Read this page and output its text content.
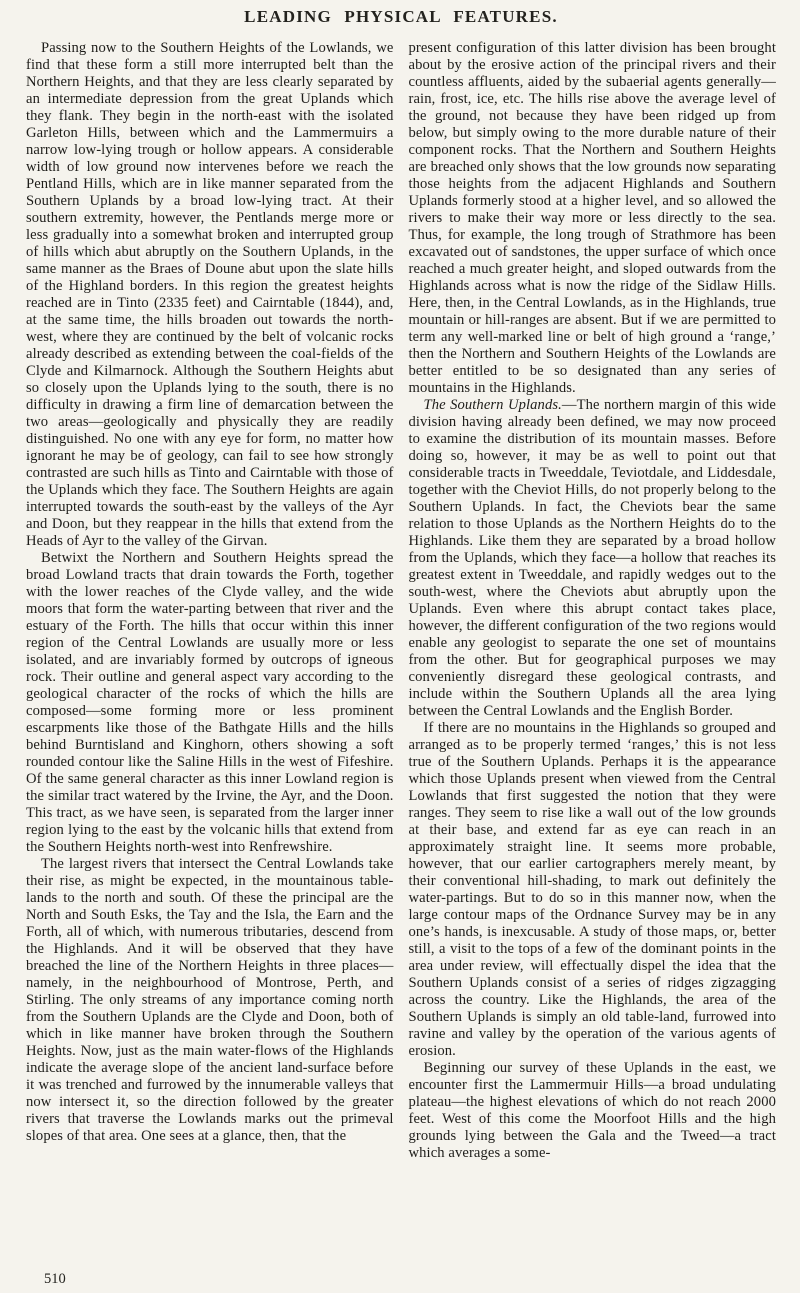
LEADING PHYSICAL FEATURES.

Passing now to the Southern Heights of the Lowlands, we find that these form a still more interrupted belt than the Northern Heights, and that they are less clearly separated by an intermediate depression from the great Uplands which they flank. They begin in the north-east with the isolated Garleton Hills, between which and the Lammermuirs a narrow low-lying trough or hollow appears. A considerable width of low ground now intervenes before we reach the Pentland Hills, which are in like manner separated from the Southern Uplands by a broad low-lying tract. At their southern extremity, however, the Pentlands merge more or less gradually into a somewhat broken and interrupted group of hills which abut abruptly on the Southern Uplands, in the same manner as the Braes of Doune abut upon the slate hills of the Highland borders. In this region the greatest heights reached are in Tinto (2335 feet) and Cairntable (1844), and, at the same time, the hills broaden out towards the north-west, where they are continued by the belt of volcanic rocks already described as extending between the coal-fields of the Clyde and Kilmarnock. Although the Southern Heights abut so closely upon the Uplands lying to the south, there is no difficulty in drawing a firm line of demarcation between the two areas—geologically and physically they are readily distinguished. No one with any eye for form, no matter how ignorant he may be of geology, can fail to see how strongly contrasted are such hills as Tinto and Cairntable with those of the Uplands which they face. The Southern Heights are again interrupted towards the south-east by the valleys of the Ayr and Doon, but they reappear in the hills that extend from the Heads of Ayr to the valley of the Girvan.

Betwixt the Northern and Southern Heights spread the broad Lowland tracts that drain towards the Forth, together with the lower reaches of the Clyde valley, and the wide moors that form the water-parting between that river and the estuary of the Forth. The hills that occur within this inner region of the Central Lowlands are usually more or less isolated, and are invariably formed by outcrops of igneous rock. Their outline and general aspect vary according to the geological character of the rocks of which the hills are composed—some forming more or less prominent escarpments like those of the Bathgate Hills and the hills behind Burntisland and Kinghorn, others showing a soft rounded contour like the Saline Hills in the west of Fifeshire. Of the same general character as this inner Lowland region is the similar tract watered by the Irvine, the Ayr, and the Doon. This tract, as we have seen, is separated from the larger inner region lying to the east by the volcanic hills that extend from the Southern Heights north-west into Renfrewshire.

The largest rivers that intersect the Central Lowlands take their rise, as might be expected, in the mountainous table-lands to the north and south. Of these the principal are the North and South Esks, the Tay and the Isla, the Earn and the Forth, all of which, with numerous tributaries, descend from the Highlands. And it will be observed that they have breached the line of the Northern Heights in three places—namely, in the neighbourhood of Montrose, Perth, and Stirling. The only streams of any importance coming north from the Southern Uplands are the Clyde and Doon, both of which in like manner have broken through the Southern Heights. Now, just as the main water-flows of the Highlands indicate the average slope of the ancient land-surface before it was trenched and furrowed by the innumerable valleys that now intersect it, so the direction followed by the greater rivers that traverse the Lowlands marks out the primeval slopes of that area. One sees at a glance, then, that the

present configuration of this latter division has been brought about by the erosive action of the principal rivers and their countless affluents, aided by the subaerial agents generally—rain, frost, ice, etc. The hills rise above the average level of the ground, not because they have been ridged up from below, but simply owing to the more durable nature of their component rocks. That the Northern and Southern Heights are breached only shows that the low grounds now separating those heights from the adjacent Highlands and Southern Uplands formerly stood at a higher level, and so allowed the rivers to make their way more or less directly to the sea. Thus, for example, the long trough of Strathmore has been excavated out of sandstones, the upper surface of which once reached a much greater height, and sloped outwards from the Highlands across what is now the ridge of the Sidlaw Hills. Here, then, in the Central Lowlands, as in the Highlands, true mountain or hill-ranges are absent. But if we are permitted to term any well-marked line or belt of high ground a ‘range,’ then the Northern and Southern Heights of the Lowlands are better entitled to be so designated than any series of mountains in the Highlands.

The Southern Uplands.—The northern margin of this wide division having already been defined, we may now proceed to examine the distribution of its mountain masses. Before doing so, however, it may be as well to point out that considerable tracts in Tweeddale, Teviotdale, and Liddesdale, together with the Cheviot Hills, do not properly belong to the Southern Uplands. In fact, the Cheviots bear the same relation to those Uplands as the Northern Heights do to the Highlands. Like them they are separated by a broad hollow from the Uplands, which they face—a hollow that reaches its greatest extent in Tweeddale, and rapidly wedges out to the south-west, where the Cheviots abut abruptly upon the Uplands. Even where this abrupt contact takes place, however, the different configuration of the two regions would enable any geologist to separate the one set of mountains from the other. But for geographical purposes we may conveniently disregard these geological contrasts, and include within the Southern Uplands all the area lying between the Central Lowlands and the English Border.

If there are no mountains in the Highlands so grouped and arranged as to be properly termed ‘ranges,’ this is not less true of the Southern Uplands. Perhaps it is the appearance which those Uplands present when viewed from the Central Lowlands that first suggested the notion that they were ranges. They seem to rise like a wall out of the low grounds at their base, and extend far as eye can reach in an approximately straight line. It seems more probable, however, that our earlier cartographers merely meant, by their conventional hill-shading, to mark out definitely the water-partings. But to do so in this manner now, when the large contour maps of the Ordnance Survey may be in any one’s hands, is inexcusable. A study of those maps, or, better still, a visit to the tops of a few of the dominant points in the area under review, will effectually dispel the idea that the Southern Uplands consist of a series of ridges zigzagging across the country. Like the Highlands, the area of the Southern Uplands is simply an old table-land, furrowed into ravine and valley by the operation of the various agents of erosion.

Beginning our survey of these Uplands in the east, we encounter first the Lammermuir Hills—a broad undulating plateau—the highest elevations of which do not reach 2000 feet. West of this come the Moorfoot Hills and the high grounds lying between the Gala and the Tweed—a tract which averages a some-

510
